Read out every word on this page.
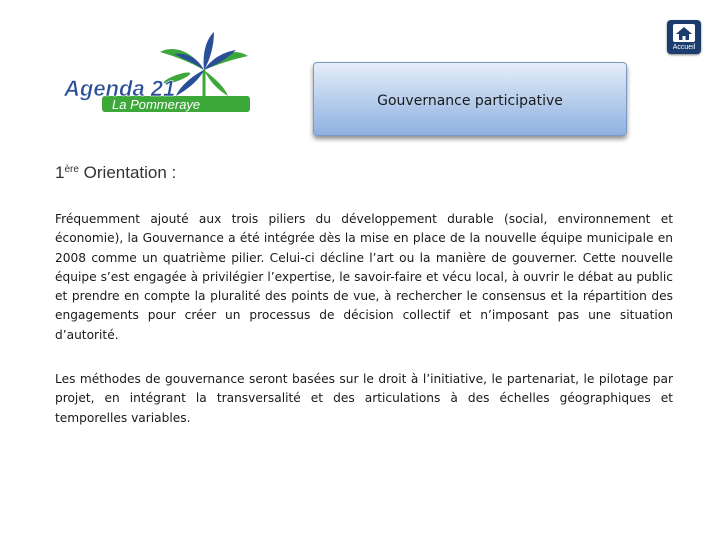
Agenda 21
La Pommeraye
Accueil
Gouvernance participative
1ère Orientation :

Fréquemment ajouté aux trois piliers du développement durable (social, environnement et économie), la Gouvernance a été intégrée dès la mise en place de la nouvelle équipe municipale en 2008 comme un quatrième pilier. Celui-ci décline l’art ou la manière de gouverner. Cette nouvelle équipe s’est engagée à privilégier l’expertise, le savoir-faire et vécu local, à ouvrir le débat au public et prendre en compte la pluralité des points de vue, à rechercher le consensus et la répartition des engagements pour créer un processus de décision collectif et n’imposant pas une situation d’autorité.

Les méthodes de gouvernance seront basées sur le droit à l’initiative, le partenariat, le pilotage par projet, en intégrant la transversalité et des articulations à des échelles géographiques et temporelles variables.
